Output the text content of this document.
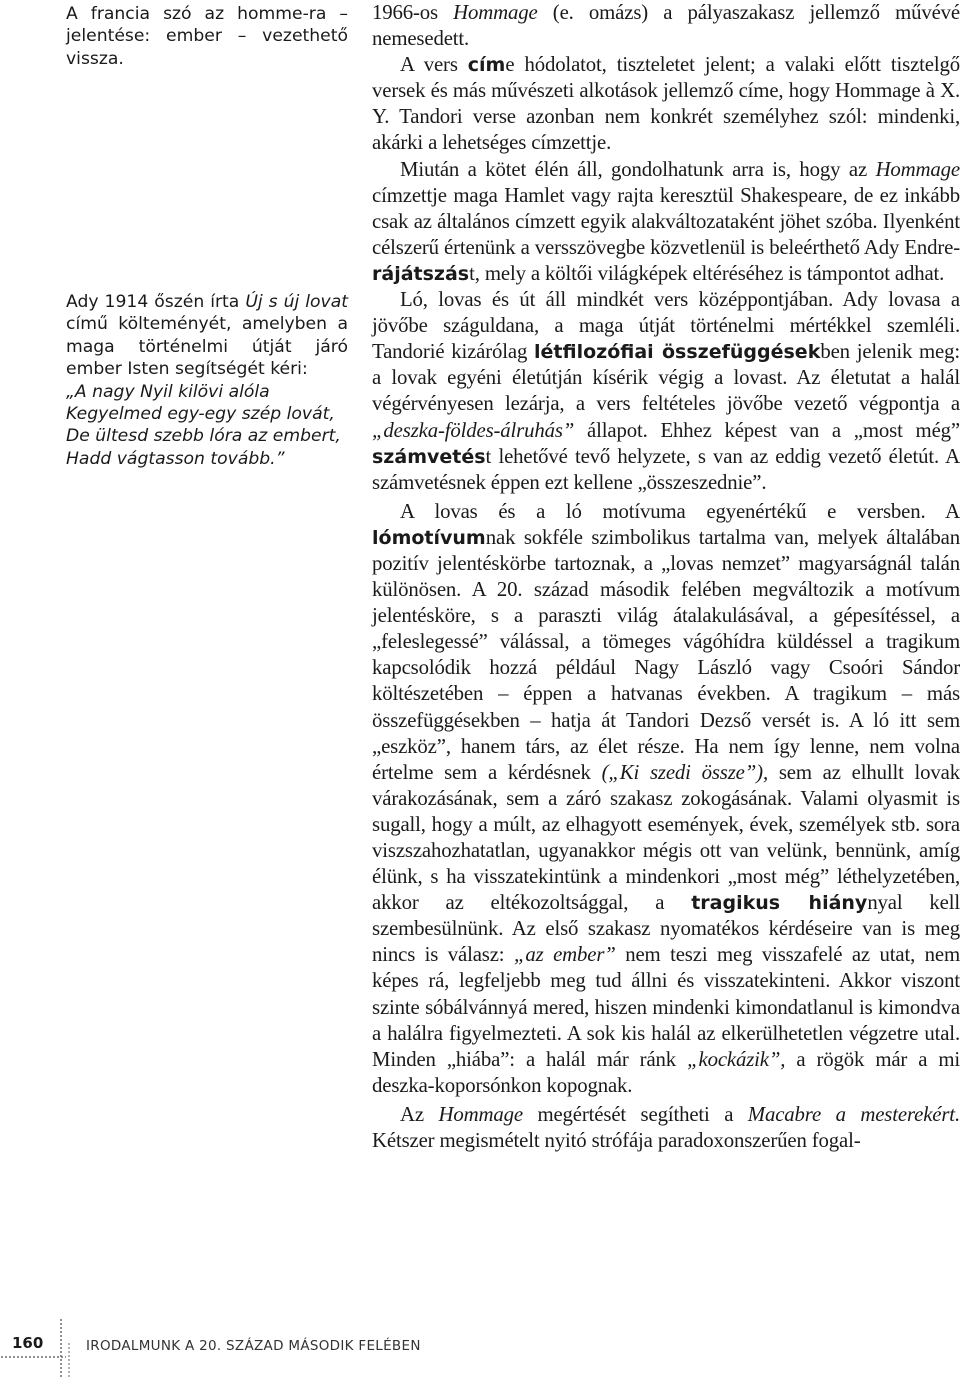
A francia szó az homme-ra – jelentése: ember – vezethető vissza.

Ady 1914 őszén írta Új s új lovat című költeményét, amelyben a maga történelmi útját járó ember Isten segítségét kéri:

„A nagy Nyil kilövi alóla
Kegyelmed egy-egy szép lovát,
De ültesd szebb lóra az embert,
Hadd vágtasson tovább.”

1966-os Hommage (e. omázs) a pályaszakasz jellemző művévé nemesedett.

A vers címe hódolatot, tiszteletet jelent; a valaki előtt tisztelgő versek és más művészeti alkotások jellemző címe, hogy Hommage à X. Y. Tandori verse azonban nem konkrét személyhez szól: mindenki, akárki a lehetséges címzettje.

Miután a kötet élén áll, gondolhatunk arra is, hogy az Hommage címzettje maga Hamlet vagy rajta keresztül Shakespeare, de ez inkább csak az általános címzett egyik alakváltozataként jöhet szóba. Ilyenként célszerű értenünk a versszövegbe közvetlenül is beleérthető Ady Endre-rájátszást, mely a költői világképek eltéréséhez is támpontot adhat.

Ló, lovas és út áll mindkét vers középpontjában. Ady lovasa a jövőbe száguldana, a maga útját történelmi mértékkel szemléli. Tandorié kizárólag létfilozófiai összefüggésekben jelenik meg: a lovak egyéni életútján kísérik végig a lovast. Az életutat a halál végérvényesen lezárja, a vers feltételes jövőbe vezető végpontja a „deszka-földes-álruhás” állapot. Ehhez képest van a „most még” számvetést lehetővé tevő helyzete, s van az eddig vezető életút. A számvetésnek éppen ezt kellene „összeszednie”.

A lovas és a ló motívuma egyenértékű e versben. A lómotívumnak sokféle szimbolikus tartalma van, melyek általában pozitív jelentéskörbe tartoznak, a „lovas nemzet” magyarságnál talán különösen. A 20. század második felében megváltozik a motívum jelentésköre, s a paraszti világ átalakulásával, a gépesítéssel, a „feleslegessé” válással, a tömeges vágóhídra küldéssel a tragikum kapcsolódik hozzá például Nagy László vagy Csoóri Sándor költészetében – éppen a hatvanas években. A tragikum – más összefüggésekben – hatja át Tandori Dezső versét is. A ló itt sem „eszköz”, hanem társ, az élet része. Ha nem így lenne, nem volna értelme sem a kérdésnek („Ki szedi össze”), sem az elhullt lovak várakozásának, sem a záró szakasz zokogásának. Valami olyasmit is sugall, hogy a múlt, az elhagyott események, évek, személyek stb. sora viszszahozhatatlan, ugyanakkor mégis ott van velünk, bennünk, amíg élünk, s ha visszatekintünk a mindenkori „most még” léthelyzetében, akkor az eltékozoltsággal, a tragikus hiánynyal kell szembesülnünk. Az első szakasz nyomatékos kérdéseire van is meg nincs is válasz: „az ember” nem teszi meg visszafelé az utat, nem képes rá, legfeljebb meg tud állni és visszatekinteni. Akkor viszont szinte sóbálvánnyá mered, hiszen mindenki kimondatlanul is kimondva a halálra figyelmezteti. A sok kis halál az elkerülhetetlen végzetre utal. Minden „hiába”: a halál már ránk „kockázik”, a rögök már a mi deszka-koporsónkon kopognak.

Az Hommage megértését segítheti a Macabre a mesterekért. Kétszer megismételt nyitó strófája paradoxonszerűen fogal-

160	IRODALMUNK A 20. SZÁZAD MÁSODIK FELÉBEN
